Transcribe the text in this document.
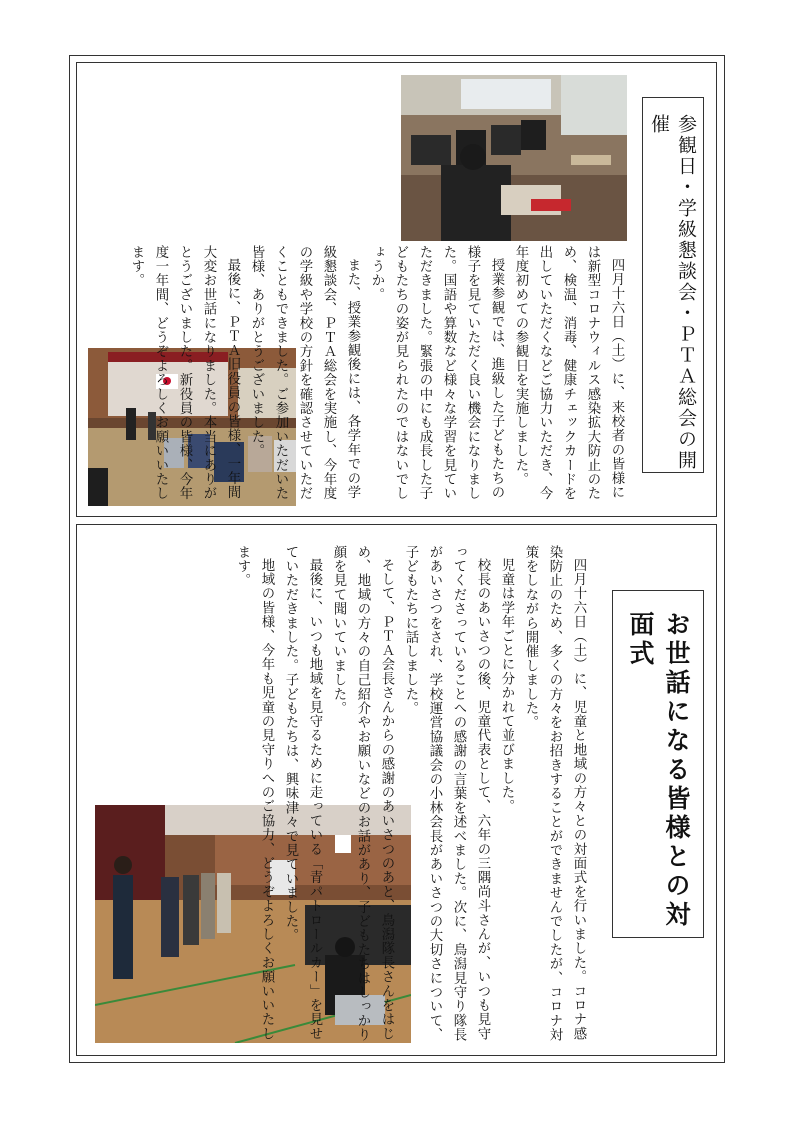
参観日・学級懇談会・ＰＴＡ総会の開催

四月十六日（土）に、来校者の皆様には新型コロナウィルス感染拡大防止のため、検温、消毒、健康チェックカードを出していただくなどご協力いただき、今年度初めての参観日を実施しました。

授業参観では、進級した子どもたちの様子を見ていただく良い機会になりました。国語や算数など様々な学習を見ていただきました。緊張の中にも成長した子どもたちの姿が見られたのではないでしょうか。

また、授業参観後には、各学年での学級懇談会、ＰＴＡ総会を実施し、今年度の学級や学校の方針を確認させていただくこともできました。ご参加いただいた皆様、ありがとうございました。

最後に、ＰＴＡ旧役員の皆様、一年間大変お世話になりました。本当にありがとうございました。新役員の皆様、今年度一年間、どうぞよろしくお願いいたします。

お世話になる皆様との対面式

四月十六日（土）に、児童と地域の方々との対面式を行いました。コロナ感染防止のため、多くの方々をお招きすることができませんでしたが、コロナ対策をしながら開催しました。

児童は学年ごとに分かれて並びました。

校長のあいさつの後、児童代表として、六年の三隅尚斗さんが、いつも見守ってくださっていることへの感謝の言葉を述べました。次に、鳥潟見守り隊長があいさつをされ、学校運営協議会の小林会長があいさつの大切さについて、子どもたちに話しました。

そして、ＰＴＡ会長さんからの感謝のあいさつのあと、鳥潟隊長さんをはじめ、地域の方々の自己紹介やお願いなどのお話があり、子どもたちはしっかり顔を見て聞いていました。

最後に、いつも地域を見守るために走っている「青パトロールカー」を見せていただきました。子どもたちは、興味津々で見ていました。

地域の皆様、今年も児童の見守りへのご協力、どうぞよろしくお願いいたします。
